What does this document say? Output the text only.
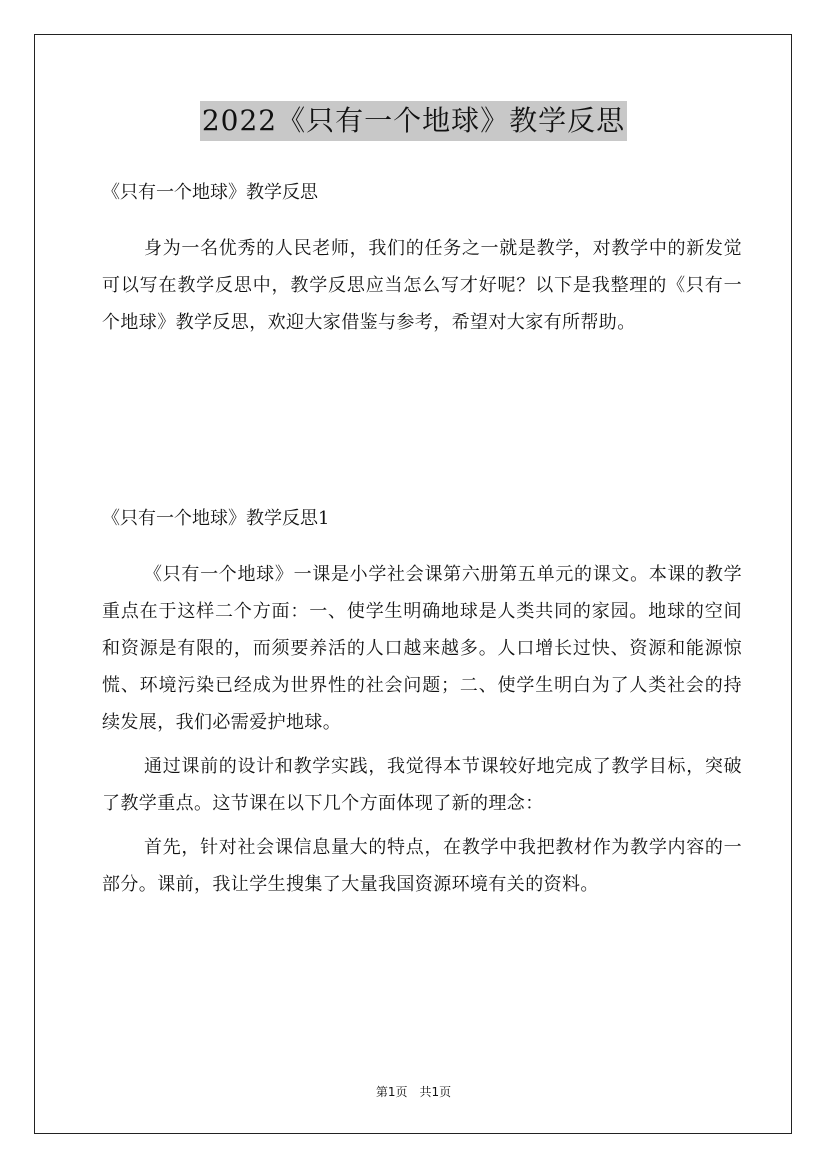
2022《只有一个地球》教学反思
《只有一个地球》教学反思

身为一名优秀的人民老师，我们的任务之一就是教学，对教学中的新发觉可以写在教学反思中，教学反思应当怎么写才好呢？以下是我整理的《只有一个地球》教学反思，欢迎大家借鉴与参考，希望对大家有所帮助。

《只有一个地球》教学反思1

《只有一个地球》一课是小学社会课第六册第五单元的课文。本课的教学重点在于这样二个方面：一、使学生明确地球是人类共同的家园。地球的空间和资源是有限的，而须要养活的人口越来越多。人口增长过快、资源和能源惊慌、环境污染已经成为世界性的社会问题；二、使学生明白为了人类社会的持续发展，我们必需爱护地球。

通过课前的设计和教学实践，我觉得本节课较好地完成了教学目标，突破了教学重点。这节课在以下几个方面体现了新的理念：

首先，针对社会课信息量大的特点，在教学中我把教材作为教学内容的一部分。课前，我让学生搜集了大量我国资源环境有关的资料。

第1页　共1页
